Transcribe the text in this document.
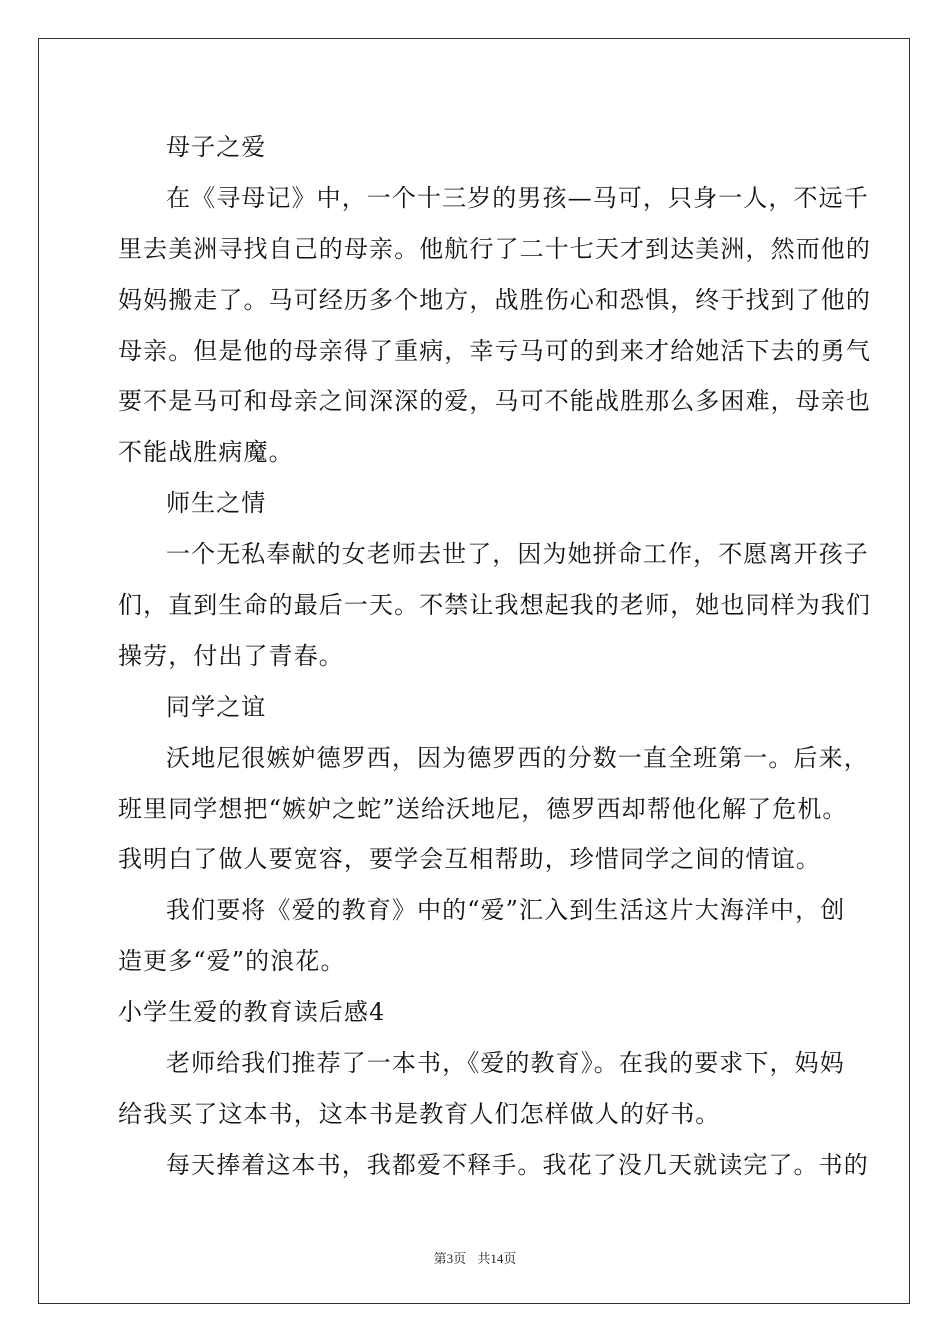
母子之爱
在《寻母记》中，一个十三岁的男孩—马可，只身一人，不远千
里去美洲寻找自己的母亲。他航行了二十七天才到达美洲，然而他的
妈妈搬走了。马可经历多个地方，战胜伤心和恐惧，终于找到了他的
母亲。但是他的母亲得了重病，幸亏马可的到来才给她活下去的勇气
要不是马可和母亲之间深深的爱，马可不能战胜那么多困难，母亲也
不能战胜病魔。
师生之情
一个无私奉献的女老师去世了，因为她拼命工作，不愿离开孩子
们，直到生命的最后一天。不禁让我想起我的老师，她也同样为我们
操劳，付出了青春。
同学之谊
沃地尼很嫉妒德罗西，因为德罗西的分数一直全班第一。后来，
班里同学想把“嫉妒之蛇”送给沃地尼，德罗西却帮他化解了危机。
我明白了做人要宽容，要学会互相帮助，珍惜同学之间的情谊。
我们要将《爱的教育》中的“爱”汇入到生活这片大海洋中，创
造更多“爱”的浪花。
小学生爱的教育读后感4
老师给我们推荐了一本书，《爱的教育》。在我的要求下，妈妈
给我买了这本书，这本书是教育人们怎样做人的好书。
每天捧着这本书，我都爱不释手。我花了没几天就读完了。书的
第3页 共14页
